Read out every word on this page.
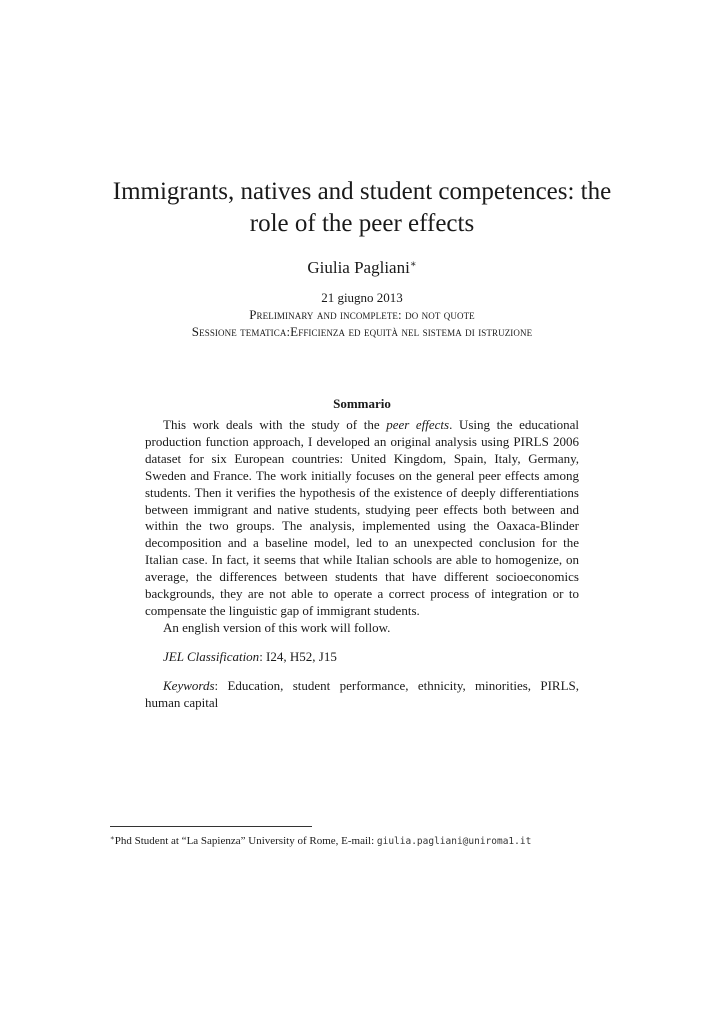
Immigrants, natives and student competences: the
role of the peer effects
Giulia Pagliani∗
21 giugno 2013
Preliminary and incomplete: do not quote
Sessione tematica:Efficienza ed equità nel sistema di istruzione
Sommario

This work deals with the study of the peer effects. Using the educational production function approach, I developed an original analysis using PIRLS 2006 dataset for six European countries: United Kingdom, Spain, Italy, Germany, Sweden and France. The work initially focuses on the general peer effects among students. Then it verifies the hypothesis of the existence of deeply differentiations between immigrant and native students, studying peer effects both between and within the two groups. The analysis, implemented using the Oaxaca-Blinder decomposition and a baseline model, led to an unexpected conclusion for the Italian case. In fact, it seems that while Italian schools are able to homogenize, on average, the differences between students that have different socioeconomics backgrounds, they are not able to operate a correct process of integration or to compensate the linguistic gap of immigrant students.

An english version of this work will follow.

JEL Classification: I24, H52, J15

Keywords: Education, student performance, ethnicity, minorities, PIRLS, human capital

∗Phd Student at “La Sapienza” University of Rome, E-mail: giulia.pagliani@uniroma1.it
